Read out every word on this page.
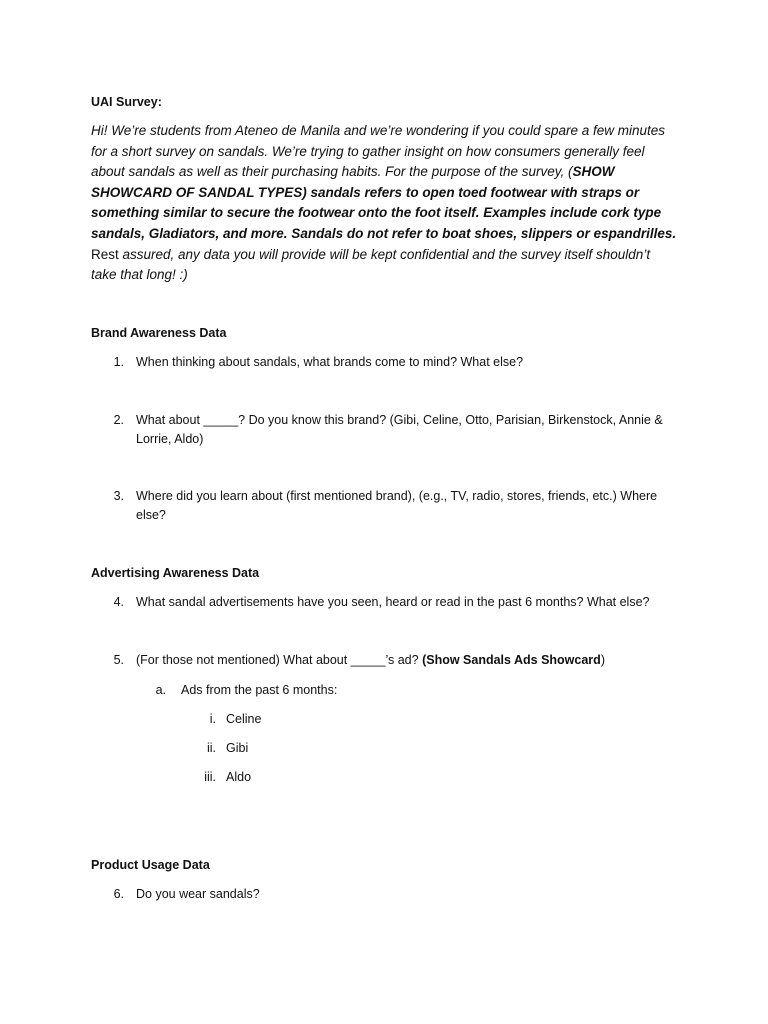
UAI Survey:
Hi! We’re students from Ateneo de Manila and we’re wondering if you could spare a few minutes
for a short survey on sandals. We’re trying to gather insight on how consumers generally feel
about sandals as well as their purchasing habits. For the purpose of the survey, (SHOW
SHOWCARD OF SANDAL TYPES) sandals refers to open toed footwear with straps or
something similar to secure the footwear onto the foot itself. Examples include cork type
sandals, Gladiators, and more. Sandals do not refer to boat shoes, slippers or espandrilles.
Rest assured, any data you will provide will be kept confidential and the survey itself shouldn’t
take that long! :)
Brand Awareness Data
1. When thinking about sandals, what brands come to mind? What else?
2. What about _____? Do you know this brand? (Gibi, Celine, Otto, Parisian, Birkenstock, Annie &
Lorrie, Aldo)
3. Where did you learn about (first mentioned brand), (e.g., TV, radio, stores, friends, etc.) Where
else?
Advertising Awareness Data
4. What sandal advertisements have you seen, heard or read in the past 6 months? What else?
5. (For those not mentioned) What about _____’s ad? (Show Sandals Ads Showcard)
a. Ads from the past 6 months:
i. Celine
ii. Gibi
iii. Aldo
Product Usage Data
6. Do you wear sandals?
